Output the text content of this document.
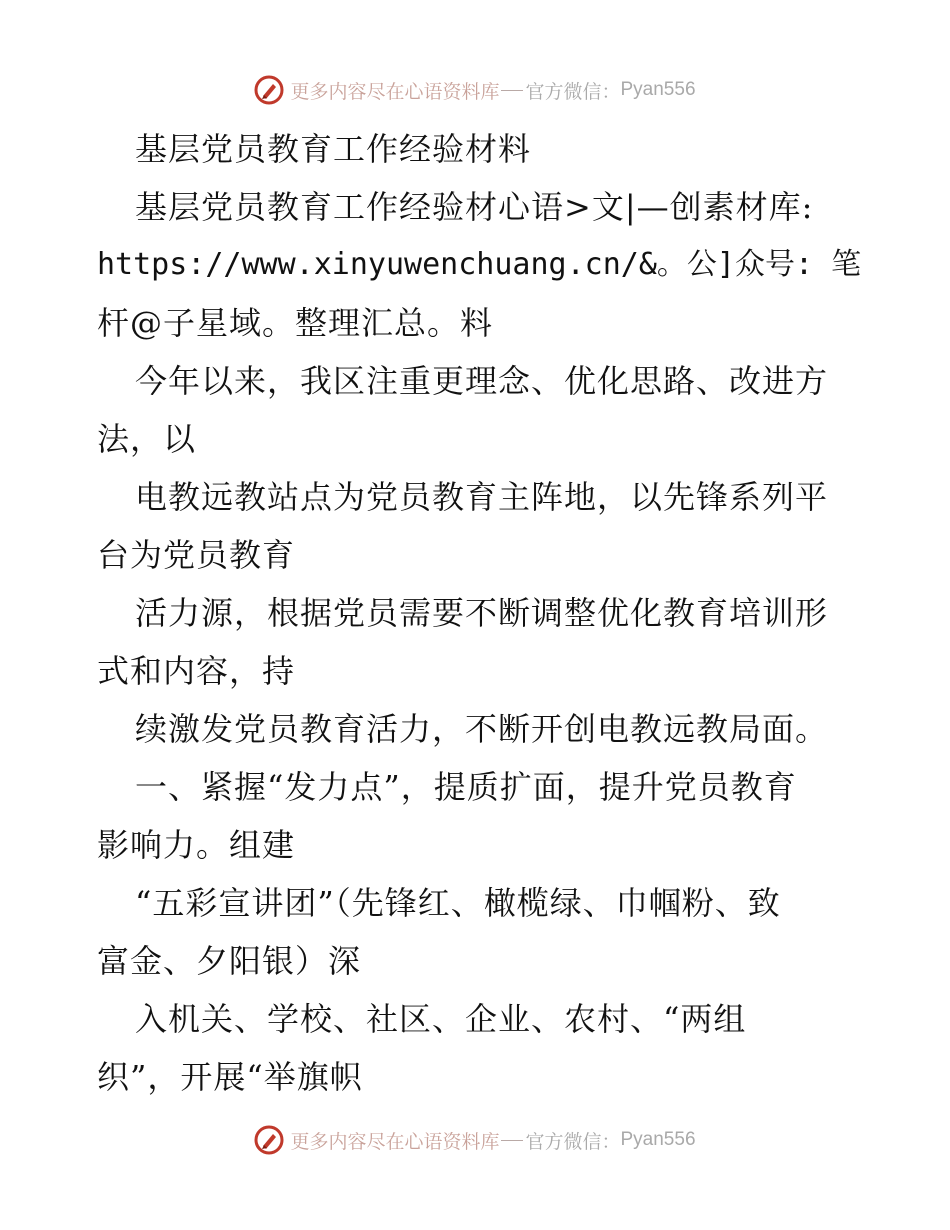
更多内容尽在心语资料库 官方微信： Pyan556
基层党员教育工作经验材料
基层党员教育工作经验材心语>文|—创素材库:
https://www.xinyuwenchuang.cn/&。公]众号: 笔
杆@子星域。整理汇总。料
今年以来，我区注重更理念、优化思路、改进方
法，以
电教远教站点为党员教育主阵地，以先锋系列平
台为党员教育
活力源，根据党员需要不断调整优化教育培训形
式和内容，持
续激发党员教育活力，不断开创电教远教局面。
一、紧握“发力点”，提质扩面，提升党员教育
影响力。组建
“五彩宣讲团”（先锋红、橄榄绿、巾帼粉、致
富金、夕阳银）深
入机关、学校、社区、企业、农村、“两组
织”，开展“举旗帜
更多内容尽在心语资料库 官方微信： Pyan556
